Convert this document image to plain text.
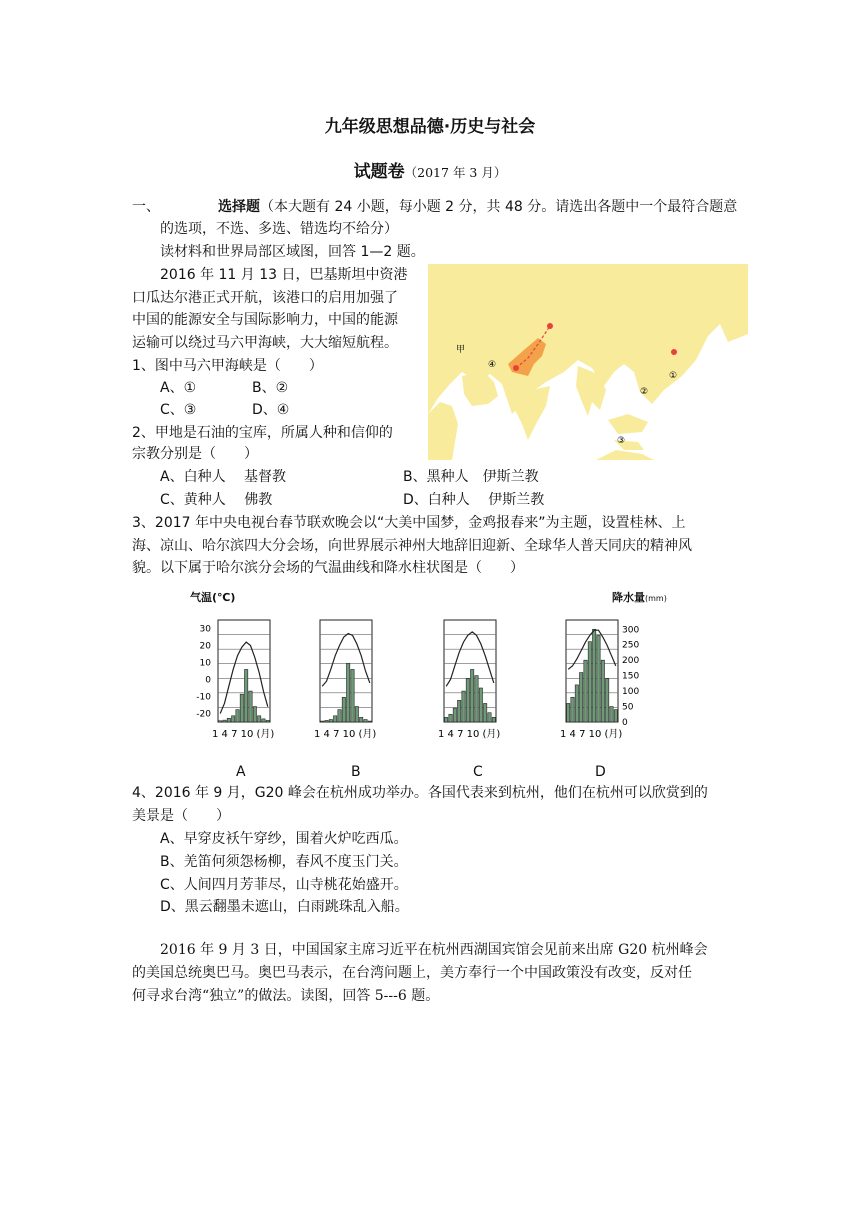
九年级思想品德·历史与社会
试题卷（2017 年 3 月）
一、	选择题（本大题有 24 小题，每小题 2 分，共 48 分。请选出各题中一个最符合题意
的选项，不选、多选、错选均不给分）
读材料和世界局部区域图，回答 1—2 题。
2016 年 11 月 13 日，巴基斯坦中资港
口瓜达尔港正式开航，该港口的启用加强了
中国的能源安全与国际影响力，中国的能源
运输可以绕过马六甲海峡，大大缩短航程。	甲
④
②
①
③
1、图中马六甲海峡是（　　）
A、①	B、②
C、③	D、④
2、甲地是石油的宝库，所属人种和信仰的
宗教分别是（　　）
A、白种人　 基督教	B、黑种人　伊斯兰教
C、黄种人　 佛教	D、白种人　 伊斯兰教
3、2017 年中央电视台春节联欢晚会以“大美中国梦，金鸡报春来”为主题，设置桂林、上
海、凉山、哈尔滨四大分会场，向世界展示神州大地辞旧迎新、全球华人普天同庆的精神风
貌。以下属于哈尔滨分会场的气温曲线和降水柱状图是（　　）
气温(℃)	降水量(mm)
30
20
10
0
-10
-20
300
250
200
150
100
50
0
1 4 7 10 (月)	1 4 7 10 (月)	1 4 7 10 (月)	1 4 7 10 (月)
A	B	C	D
4、2016 年 9 月，G20 峰会在杭州成功举办。各国代表来到杭州，他们在杭州可以欣赏到的
美景是（　　）
A、早穿皮袄午穿纱，围着火炉吃西瓜。
B、羌笛何须怨杨柳，春风不度玉门关。
C、人间四月芳菲尽，山寺桃花始盛开。
D、黑云翻墨未遮山，白雨跳珠乱入船。
2016 年 9 月 3 日，中国国家主席习近平在杭州西湖国宾馆会见前来出席 G20 杭州峰会
的美国总统奥巴马。奥巴马表示，在台湾问题上，美方奉行一个中国政策没有改变，反对任
何寻求台湾“独立”的做法。读图，回答 5---6 题。
